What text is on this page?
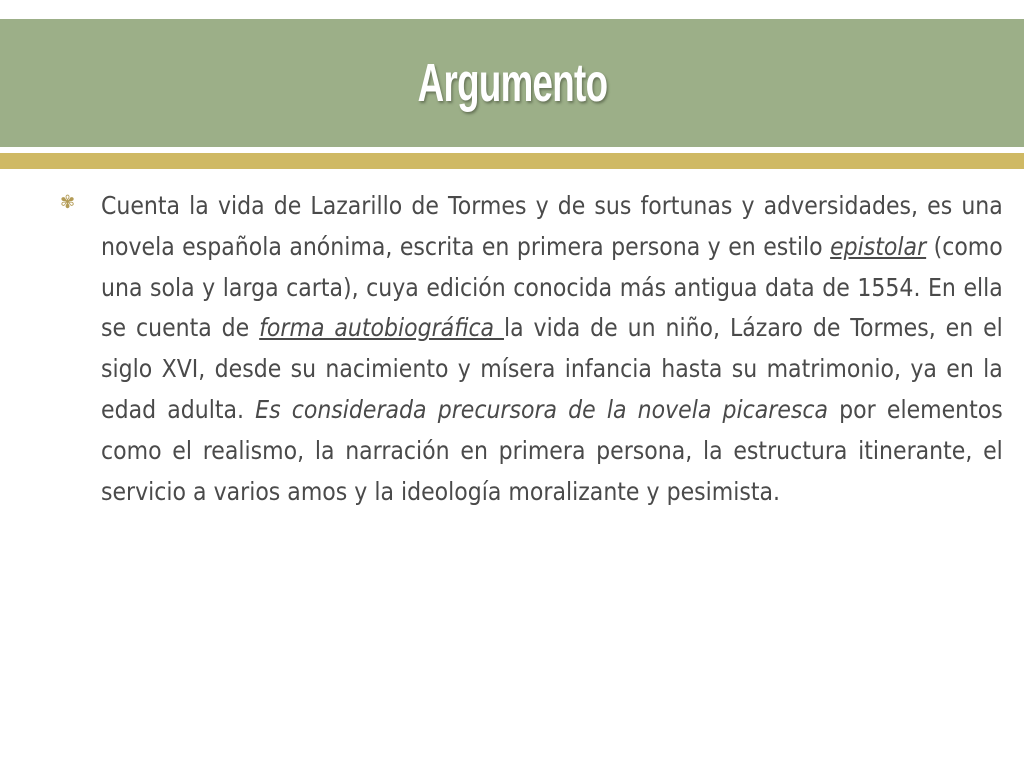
Argumento
✾ Cuenta la vida de Lazarillo de Tormes y de sus fortunas y adversidades, es una novela española anónima, escrita en primera persona y en estilo epistolar (como una sola y larga carta), cuya edición conocida más antigua data de 1554. En ella se cuenta de forma autobiográfica la vida de un niño, Lázaro de Tormes, en el siglo XVI, desde su nacimiento y mísera infancia hasta su matrimonio, ya en la edad adulta. Es considerada precursora de la novela picaresca por elementos como el realismo, la narración en primera persona, la estructura itinerante, el servicio a varios amos y la ideología moralizante y pesimista.
